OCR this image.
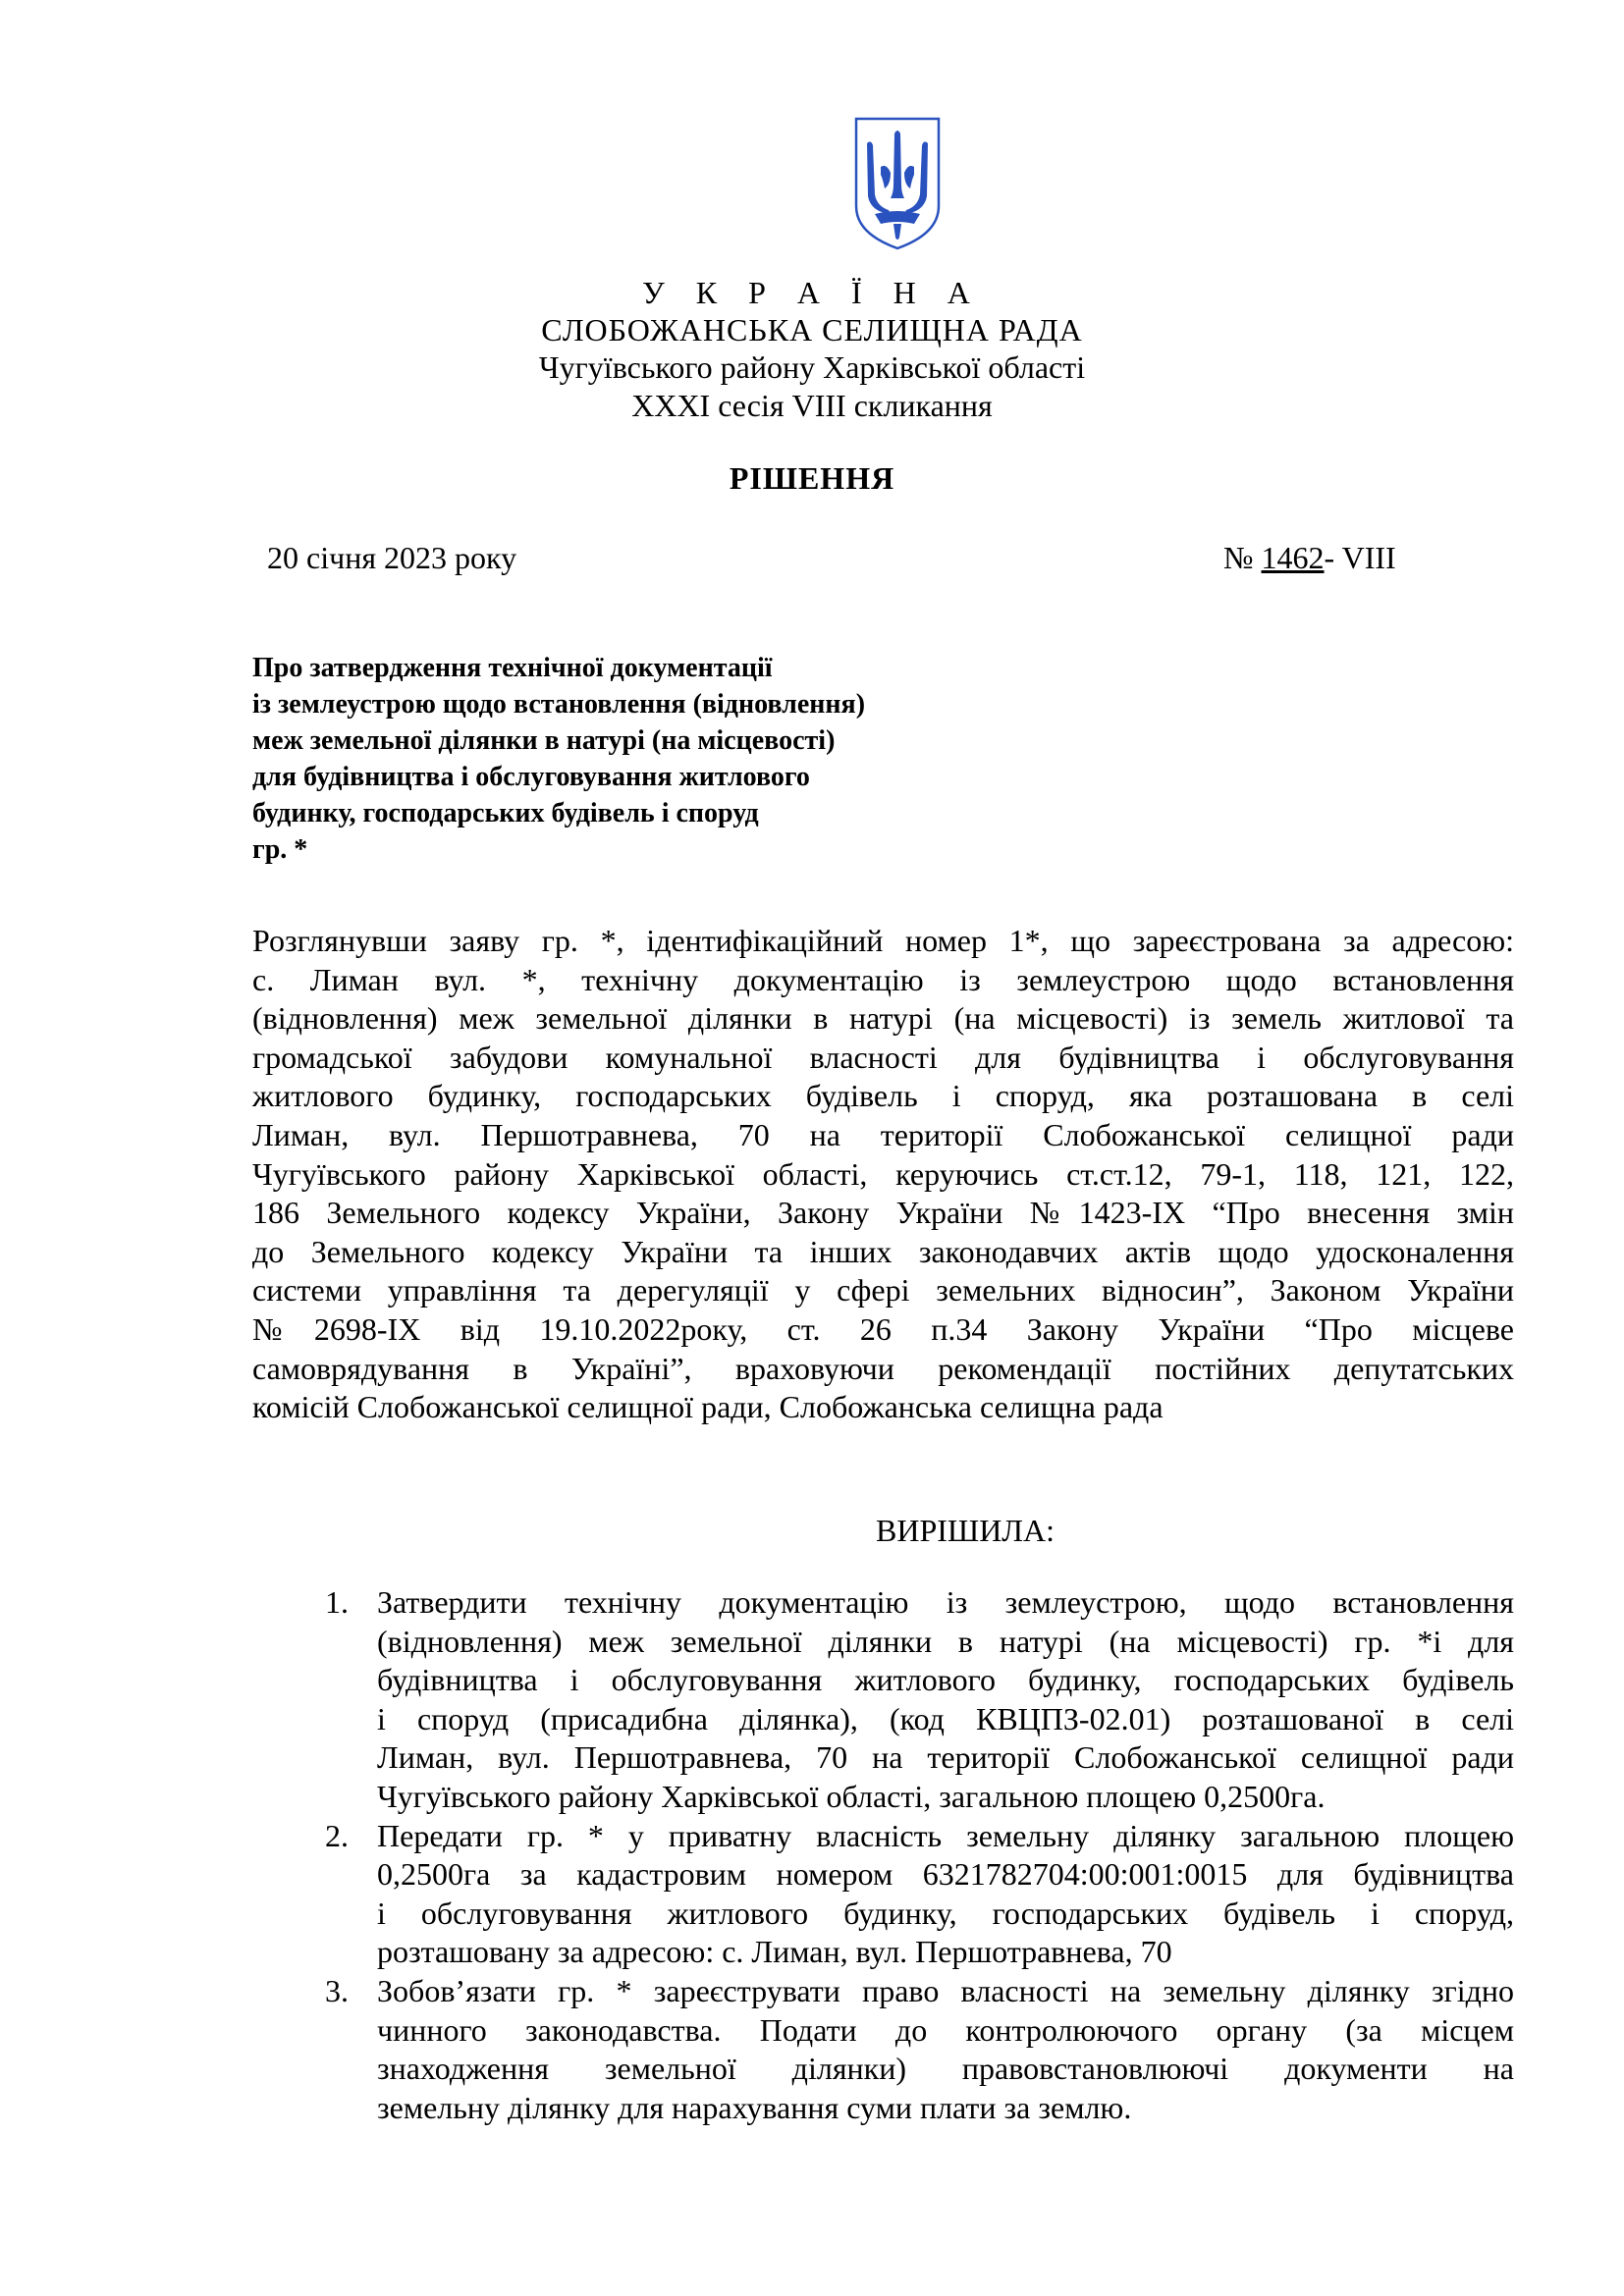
У К Р А Ї Н А
СЛОБОЖАНСЬКА СЕЛИЩНА РАДА
Чугуївського району Харківської області
XXXI сесія VIII скликання
РІШЕННЯ
20 січня 2023 року	№ 1462- VIII
Про затвердження технічної документації
із землеустрою щодо встановлення (відновлення)
меж земельної ділянки в натурі (на місцевості)
для будівництва і обслуговування житлового
будинку, господарських будівель і споруд
гр. *
Розглянувши заяву гр. *, ідентифікаційний номер 1*, що зареєстрована за адресою:
с. Лиман вул. *, технічну документацію із землеустрою щодо встановлення
(відновлення) меж земельної ділянки в натурі (на місцевості) із земель житлової та
громадської забудови комунальної власності для будівництва і обслуговування
житлового будинку, господарських будівель і споруд, яка розташована в селі
Лиман, вул. Першотравнева, 70 на території Слобожанської селищної ради
Чугуївського району Харківської області, керуючись ст.ст.12, 79-1, 118, 121, 122,
186 Земельного кодексу України, Закону України №1423-IX “Про внесення змін
до Земельного кодексу України та інших законодавчих актів щодо удосконалення
системи управління та дерегуляції у сфері земельних відносин”, Законом України
№2698-IX від 19.10.2022року, ст. 26 п.34 Закону України “Про місцеве
самоврядування в Україні”, враховуючи рекомендації постійних депутатських
комісій Слобожанської селищної ради, Слобожанська селищна рада
ВИРІШИЛА:
1. Затвердити технічну документацію із землеустрою, щодо встановлення
(відновлення) меж земельної ділянки в натурі (на місцевості) гр. *і для
будівництва і обслуговування житлового будинку, господарських будівель
і споруд (присадибна ділянка), (код КВЦПЗ-02.01) розташованої в селі
Лиман, вул. Першотравнева, 70 на території Слобожанської селищної ради
Чугуївського району Харківської області, загальною площею 0,2500га.
2. Передати гр. * у приватну власність земельну ділянку загальною площею
0,2500га за кадастровим номером 6321782704:00:001:0015 для будівництва
і обслуговування житлового будинку, господарських будівель і споруд,
розташовану за адресою: с. Лиман, вул. Першотравнева, 70
3. Зобов’язати гр. * зареєструвати право власності на земельну ділянку згідно
чинного законодавства. Подати до контролюючого органу (за місцем
знаходження земельної ділянки) правовстановлюючі документи на
земельну ділянку для нарахування суми плати за землю.
